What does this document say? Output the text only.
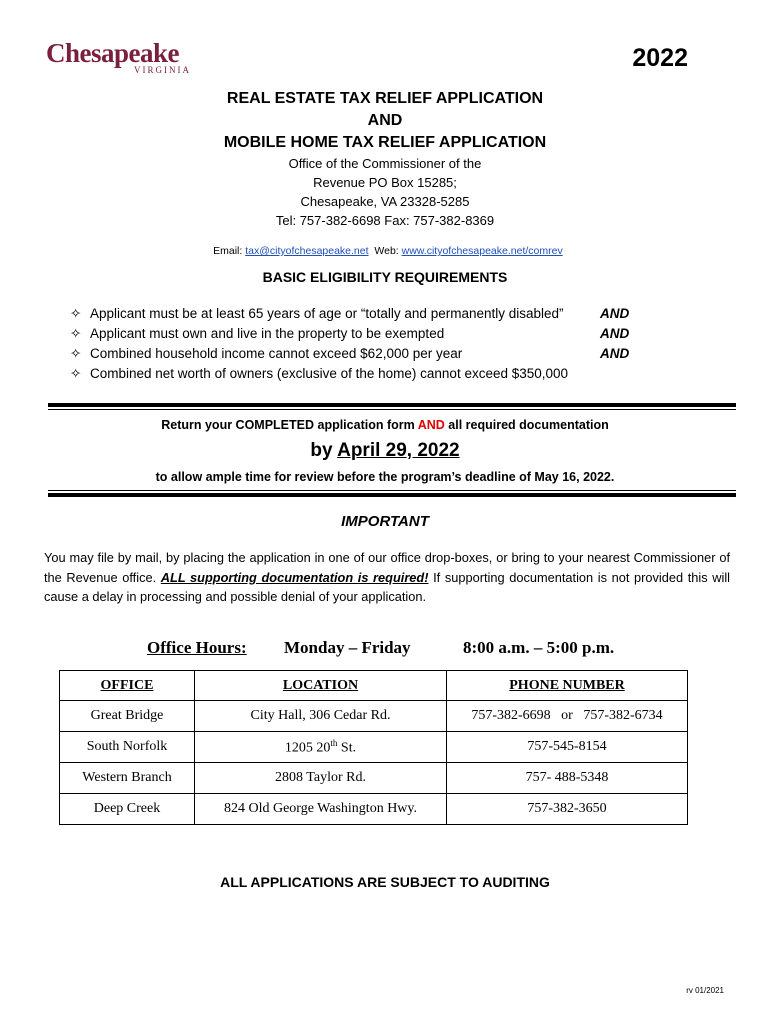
Chesapeake
VIRGINIA	2022
REAL ESTATE TAX RELIEF APPLICATION
AND
MOBILE HOME TAX RELIEF APPLICATION
Office of the Commissioner of the
Revenue PO Box 15285;
Chesapeake, VA 23328-5285
Tel: 757-382-6698 Fax: 757-382-8369

Email: tax@cityofchesapeake.net  Web: www.cityofchesapeake.net/comrev

BASIC ELIGIBILITY REQUIREMENTS
✧ Applicant must be at least 65 years of age or “totally and permanently disabled”	AND
✧ Applicant must own and live in the property to be exempted	AND
✧ Combined household income cannot exceed $62,000 per year	AND
✧ Combined net worth of owners (exclusive of the home) cannot exceed $350,000
Return your COMPLETED application form AND all required documentation
by April 29, 2022
to allow ample time for review before the program’s deadline of May 16, 2022.
IMPORTANT
You may file by mail, by placing the application in one of our office drop-boxes, or bring to your nearest Commissioner of the Revenue office. ALL supporting documentation is required! If supporting documentation is not provided this will cause a delay in processing and possible denial of your application.
Office Hours: Monday – Friday	8:00 a.m. – 5:00 p.m.
OFFICE	LOCATION	PHONE NUMBER
Great Bridge	City Hall, 306 Cedar Rd.	757-382-6698   or   757-382-6734
South Norfolk	1205 20th St.	757-545-8154
Western Branch	2808 Taylor Rd.	757- 488-5348
Deep Creek	824 Old George Washington Hwy.	757-382-3650
ALL APPLICATIONS ARE SUBJECT TO AUDITING
rv 01/2021
